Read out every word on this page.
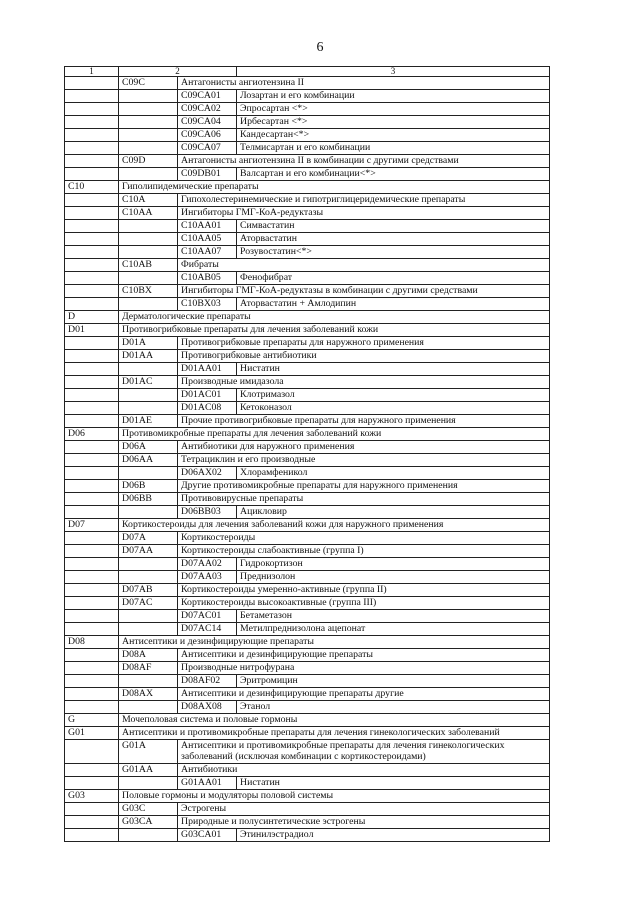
6
1	2		3
	C09C	Антагонисты ангиотензина II	
		C09CA01	Лозартан и его комбинации
		C09CA02	Эпросартан <*>
		C09CA04	Ирбесартан <*>
		C09CA06	Кандесартан<*>
		C09CA07	Телмисартан и его комбинации
	C09D	Антагонисты ангиотензина II в комбинации с другими средствами	
		C09DB01	Валсартан и его комбинации<*>
C10	Гиполипидемические препараты		
	C10A	Гипохолестеринемические и гипотриглицеридемические препараты	
	C10AA	Ингибиторы ГМГ-КоА-редуктазы	
		C10AA01	Симвастатин
		C10AA05	Аторвастатин
		C10AA07	Розувостатин<*>
	C10AB	Фибраты	
		C10AB05	Фенофибрат
	C10BX	Ингибиторы ГМГ-КоА-редуктазы в комбинации с другими средствами	
		C10BX03	Аторвастатин + Амлодипин
D	Дерматологические препараты		
D01	Противогрибковые препараты для лечения заболеваний кожи		
	D01A	Противогрибковые препараты для наружного применения	
	D01AA	Противогрибковые антибиотики	
		D01AA01	Нистатин
	D01AC	Производные имидазола	
		D01AC01	Клотримазол
		D01AC08	Кетоконазол
	D01AE	Прочие противогрибковые препараты для наружного применения	
D06	Противомикробные препараты для лечения заболеваний кожи		
	D06A	Антибиотики для наружного применения	
	D06AA	Тетрациклин и его производные	
		D06AX02	Хлорамфеникол
	D06B	Другие противомикробные препараты для наружного применения	
	D06BB	Противовирусные препараты	
		D06BB03	Ацикловир
D07	Кортикостероиды для лечения заболеваний кожи для наружного применения		
	D07A	Кортикостероиды	
	D07AA	Кортикостероиды слабоактивные (группа I)	
		D07AA02	Гидрокортизон
		D07AA03	Преднизолон
	D07AB	Кортикостероиды умеренно-активные (группа II)	
	D07AC	Кортикостероиды высокоактивные (группа III)	
		D07AC01	Бетаметазон
		D07AC14	Метилпреднизолона ацепонат
D08	Антисептики и дезинфицирующие препараты		
	D08A	Антисептики и дезинфицирующие препараты	
	D08AF	Производные нитрофурана	
		D08AF02	Эритромицин
	D08AX	Антисептики и дезинфицирующие препараты другие	
		D08AX08	Этанол
G	Мочеполовая система и половые гормоны		
G01	Антисептики и противомикробные препараты для лечения гинекологических заболеваний		
	G01A	Антисептики и противомикробные препараты для лечения гинекологических заболеваний (исключая комбинации с кортикостероидами)	
	G01AA	Антибиотики	
		G01AA01	Нистатин
G03	Половые гормоны и модуляторы половой системы		
	G03C	Эстрогены	
	G03CA	Природные и полусинтетические эстрогены	
		G03CA01	Этинилэстрадиол
